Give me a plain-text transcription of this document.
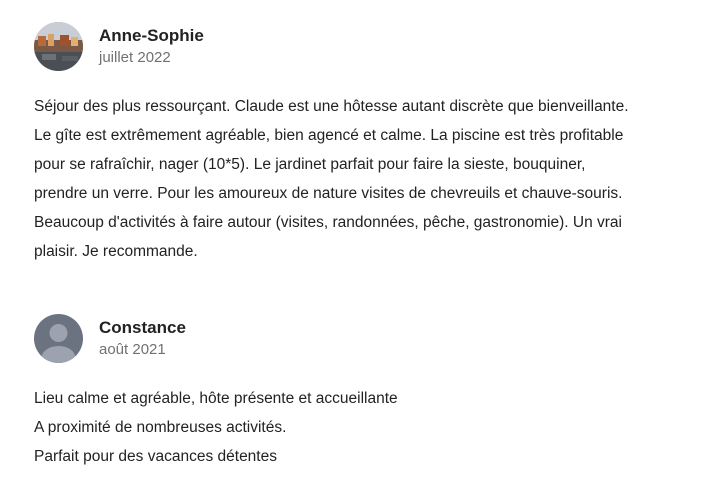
Anne-Sophie
juillet 2022
Séjour des plus ressourçant. Claude est une hôtesse autant discrète que bienveillante.
Le gîte est extrêmement agréable, bien agencé et calme. La piscine est très profitable
pour se rafraîchir, nager (10*5). Le jardinet parfait pour faire la sieste, bouquiner,
prendre un verre. Pour les amoureux de nature visites de chevreuils et chauve-souris.
Beaucoup d'activités à faire autour (visites, randonnées, pêche, gastronomie). Un vrai
plaisir. Je recommande.
Constance
août 2021
Lieu calme et agréable, hôte présente et accueillante
A proximité de nombreuses activités.
Parfait pour des vacances détentes
